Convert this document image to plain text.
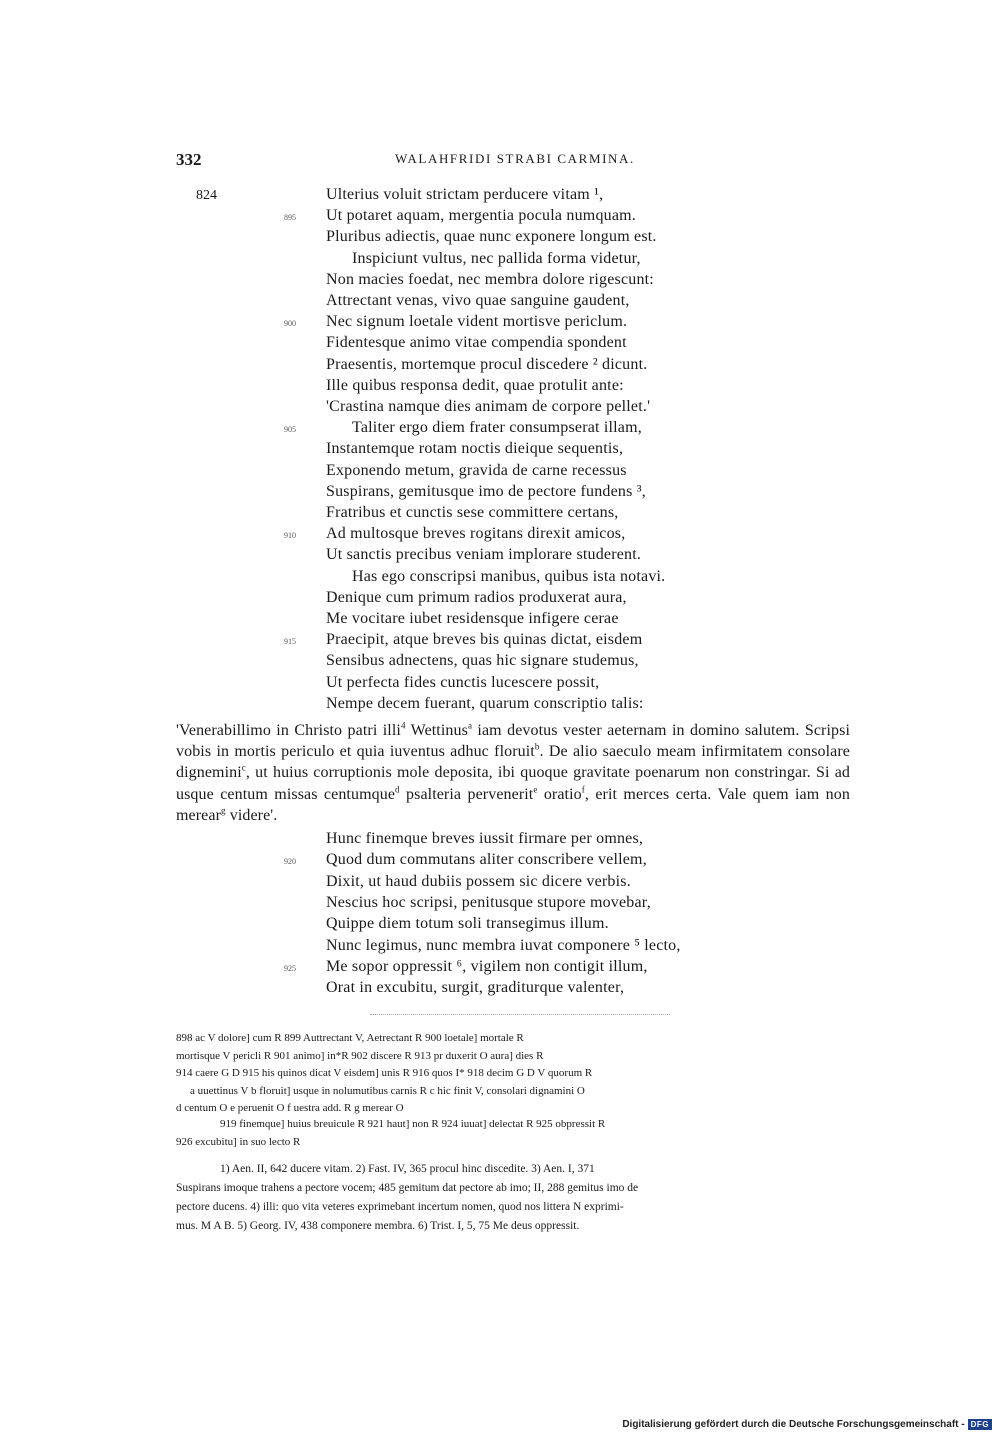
332	WALAHFRIDI STRABI CARMINA.
824	Ulterius voluit strictam perducere vitam ¹,
895 Ut potaret aquam, mergentia pocula numquam.
Pluribus adiectis, quae nunc exponere longum est.
Inspiciunt vultus, nec pallida forma videtur,
Non macies foedat, nec membra dolore rigescunt:
Attrectant venas, vivo quae sanguine gaudent,
900 Nec signum loetale vident mortisve periclum.
Fidentesque animo vitae compendia spondent
Praesentis, mortemque procul discedere ² dicunt.
Ille quibus responsa dedit, quae protulit ante:
'Crastina namque dies animam de corpore pellet.'
905	Taliter ergo diem frater consumpserat illam,
Instantemque rotam noctis dieique sequentis,
Exponendo metum, gravida de carne recessus
Suspirans, gemitusque imo de pectore fundens ³,
Fratribus et cunctis sese committere certans,
910 Ad multosque breves rogitans direxit amicos,
Ut sanctis precibus veniam implorare studerent.
Has ego conscripsi manibus, quibus ista notavi.
Denique cum primum radios produxerat aura,
Me vocitare iubet residensque infigere cerae
915 Praecipit, atque breves bis quinas dictat, eisdem
Sensibus adnectens, quas hic signare studemus,
Ut perfecta fides cunctis lucescere possit,
Nempe decem fuerant, quarum conscriptio talis:
'Venerabillimo in Christo patri illi$^4$ Wettinus$^a$ iam devotus vester aeternam in domino salutem. Scripsi vobis in mortis periculo et quia iuventus adhuc floruit$^b$. De alio saeculo meam infirmitatem consolare dignemini$^c$, ut huius corruptionis mole deposita, ibi quoque gravitate poenarum non constringar. Si ad usque centum missas centumque$^d$ psalteria pervenerit$^e$ oratio$^f$, erit merces certa. Vale quem iam non merear$^g$ videre'.
Hunc finemque breves iussit firmare per omnes,
920 Quod dum commutans aliter conscribere vellem,
Dixit, ut haud dubiis possem sic dicere verbis.
Nescius hoc scripsi, penitusque stupore movebar,
Quippe diem totum soli transegimus illum.
Nunc legimus, nunc membra iuvat componere ⁵ lecto,
925 Me sopor oppressit ⁶, vigilem non contigit illum,
Orat in excubitu, surgit, graditurque valenter,

898 ac V dolore] cum R 899 Auttrectant V, Aetrectant R 900 loetale] mortale R

mortisque V pericli R 901 animo] in*R 902 discere R 913 pr duxerit O aura] dies R

914 caere G D 915 his quinos dicat V eisdem] unis R 916 quos I* 918 decim G D V quorum R

a uuettinus V b floruit] usque in nolumutibus carnis R c hic finit V, consolari dignamini O

d centum O e peruenit O f uestra add. R g merear O

919 finemque] huius breuicule R 921 haut] non R 924 iuuat] delectat R 925 obpressit R

926 excubitu] in suo lecto R

1) Aen. II, 642 ducere vitam. 2) Fast. IV, 365 procul hinc discedite. 3) Aen. I, 371

Suspirans imoque trahens a pectore vocem; 485 gemitum dat pectore ab imo; II, 288 gemitus imo de

pectore ducens. 4) illi: quo vita veteres exprimebant incertum nomen, quod nos littera N exprimi-

mus. M A B. 5) Georg. IV, 438 componere membra. 6) Trist. I, 5, 75 Me deus oppressit.

Digitalisierung gefördert durch die Deutsche Forschungsgemeinschaft - DFG
